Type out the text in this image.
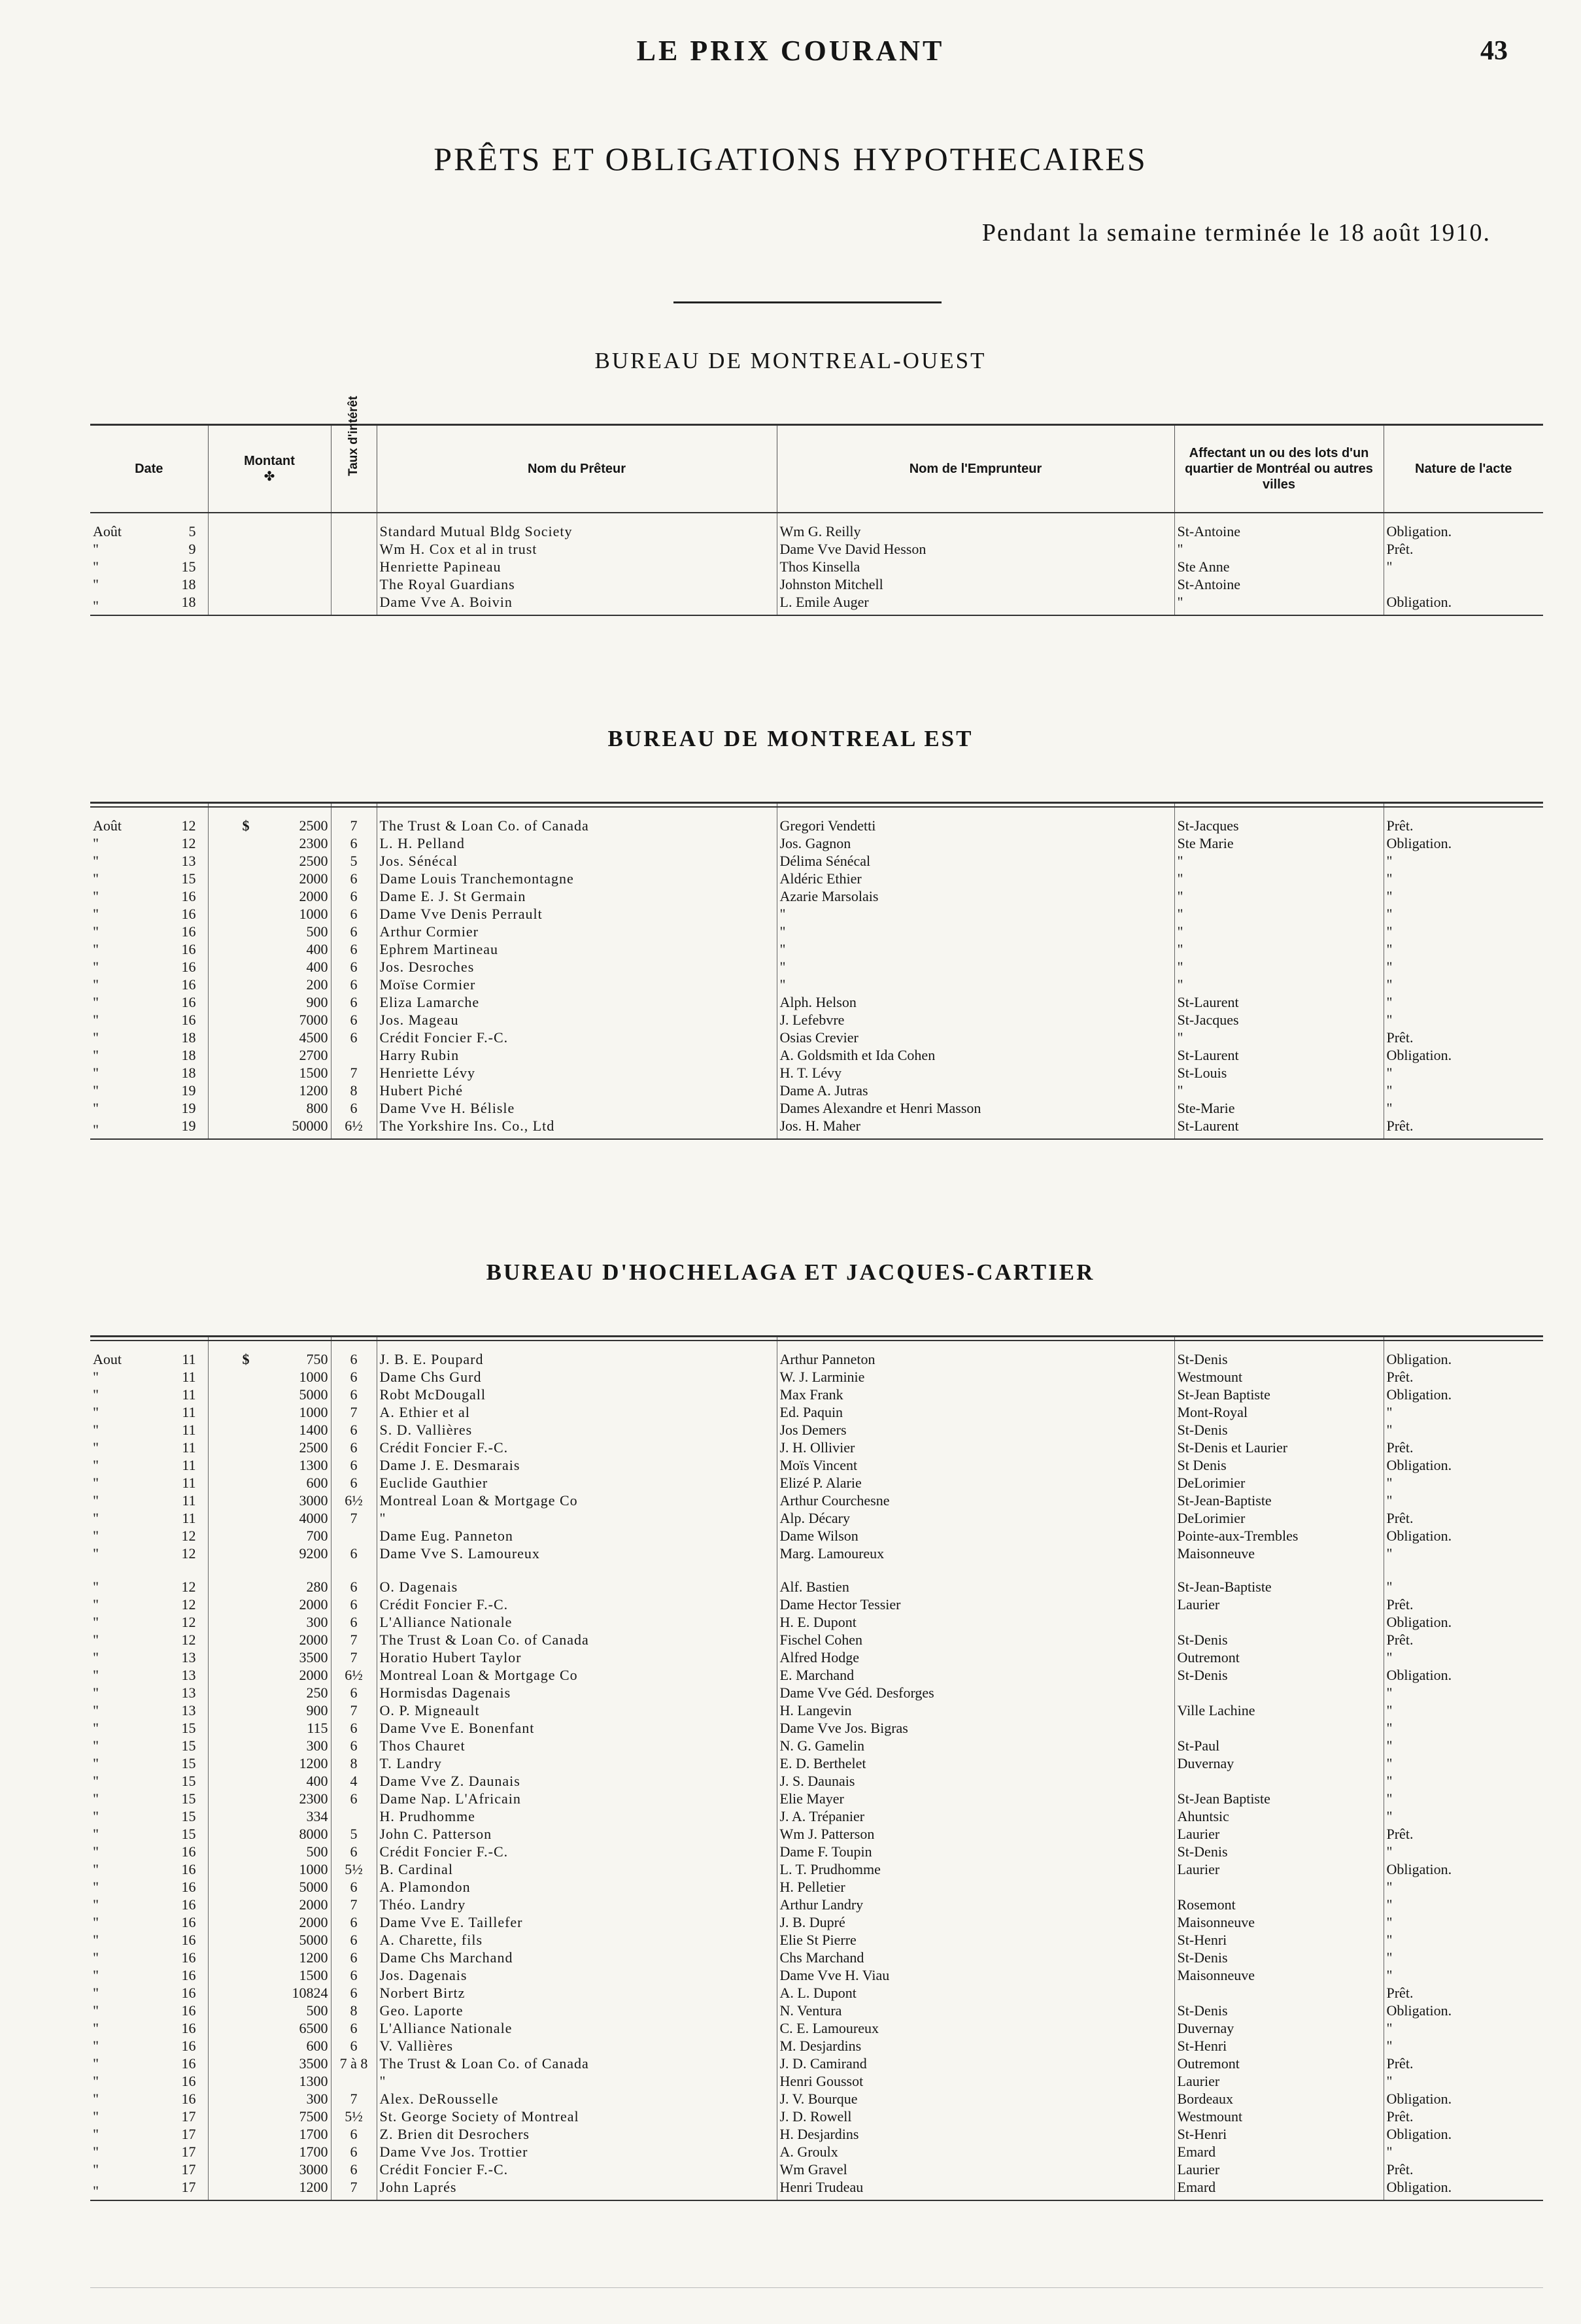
LE PRIX COURANT	43
PRÊTS ET OBLIGATIONS HYPOTHECAIRES
Pendant la semaine terminée le 18 août 1910.
BUREAU DE MONTREAL-OUEST
Date	Montant
✤	Taux d'intérêt	Nom du Prêteur	Nom de l'Emprunteur	Affectant un ou des lots d'un quartier de Montréal ou autres villes	Nature de l'acte

Août 5			Standard Mutual Bldg Society	Wm G. Reilly	St-Antoine	Obligation.

" 9			Wm H. Cox et al in trust	Dame Vve David Hesson	"	Prêt.

" 15			Henriette Papineau	Thos Kinsella	Ste Anne	"

" 18			The Royal Guardians	Johnston Mitchell	St-Antoine	

" 18			Dame Vve A. Boivin	L. Emile Auger	"	Obligation.
BUREAU DE MONTREAL EST

Août 12	$ 2500	7	The Trust & Loan Co. of Canada	Gregori Vendetti	St-Jacques	Prêt.

" 12	2300	6	L. H. Pelland	Jos. Gagnon	Ste Marie	Obligation.

" 13	2500	5	Jos. Sénécal	Délima Sénécal	"	"

" 15	2000	6	Dame Louis Tranchemontagne	Aldéric Ethier	"	"

" 16	2000	6	Dame E. J. St Germain	Azarie Marsolais	"	"

" 16	1000	6	Dame Vve Denis Perrault	"	"	"

" 16	500	6	Arthur Cormier	"	"	"

" 16	400	6	Ephrem Martineau	"	"	"

" 16	400	6	Jos. Desroches	"	"	"

" 16	200	6	Moïse Cormier	"	"	"

" 16	900	6	Eliza Lamarche	Alph. Helson	St-Laurent	"

" 16	7000	6	Jos. Mageau	J. Lefebvre	St-Jacques	"

" 18	4500	6	Crédit Foncier F.-C.	Osias Crevier	"	Prêt.

" 18	2700		Harry Rubin	A. Goldsmith et Ida Cohen	St-Laurent	Obligation.

" 18	1500	7	Henriette Lévy	H. T. Lévy	St-Louis	"

" 19	1200	8	Hubert Piché	Dame A. Jutras	"	"

" 19	800	6	Dame Vve H. Bélisle	Dames Alexandre et Henri Masson	Ste-Marie	"

" 19	50000	6½	The Yorkshire Ins. Co., Ltd	Jos. H. Maher	St-Laurent	Prêt.
BUREAU D'HOCHELAGA ET JACQUES-CARTIER

Aout 11	$ 750	6	J. B. E. Poupard	Arthur Panneton	St-Denis	Obligation.

" 11	1000	6	Dame Chs Gurd	W. J. Larminie	Westmount	Prêt.

" 11	5000	6	Robt McDougall	Max Frank	St-Jean Baptiste	Obligation.

" 11	1000	7	A. Ethier et al	Ed. Paquin	Mont-Royal	"

" 11	1400	6	S. D. Vallières	Jos Demers	St-Denis	"

" 11	2500	6	Crédit Foncier F.-C.	J. H. Ollivier	St-Denis et Laurier	Prêt.

" 11	1300	6	Dame J. E. Desmarais	Moïs Vincent	St Denis	Obligation.

" 11	600	6	Euclide Gauthier	Elizé P. Alarie	DeLorimier	"

" 11	3000	6½	Montreal Loan & Mortgage Co	Arthur Courchesne	St-Jean-Baptiste	"

" 11	4000	7	"	Alp. Décary	DeLorimier	Prêt.

" 12	700		Dame Eug. Panneton	Dame Wilson	Pointe-aux-Trembles	Obligation.

" 12	9200	6	Dame Vve S. Lamoureux	Marg. Lamoureux	Maisonneuve	"

" 12	280	6	O. Dagenais	Alf. Bastien	St-Jean-Baptiste	"

" 12	2000	6	Crédit Foncier F.-C.	Dame Hector Tessier	Laurier	Prêt.

" 12	300	6	L'Alliance Nationale	H. E. Dupont		Obligation.

" 12	2000	7	The Trust & Loan Co. of Canada	Fischel Cohen	St-Denis	Prêt.

" 13	3500	7	Horatio Hubert Taylor	Alfred Hodge	Outremont	"

" 13	2000	6½	Montreal Loan & Mortgage Co	E. Marchand	St-Denis	Obligation.

" 13	250	6	Hormisdas Dagenais	Dame Vve Géd. Desforges		"

" 13	900	7	O. P. Migneault	H. Langevin	Ville Lachine	"

" 15	115	6	Dame Vve E. Bonenfant	Dame Vve Jos. Bigras		"

" 15	300	6	Thos Chauret	N. G. Gamelin	St-Paul	"

" 15	1200	8	T. Landry	E. D. Berthelet	Duvernay	"

" 15	400	4	Dame Vve Z. Daunais	J. S. Daunais		"

" 15	2300	6	Dame Nap. L'Africain	Elie Mayer	St-Jean Baptiste	"

" 15	334		H. Prudhomme	J. A. Trépanier	Ahuntsic	"

" 15	8000	5	John C. Patterson	Wm J. Patterson	Laurier	Prêt.

" 16	500	6	Crédit Foncier F.-C.	Dame F. Toupin	St-Denis	"

" 16	1000	5½	B. Cardinal	L. T. Prudhomme	Laurier	Obligation.

" 16	5000	6	A. Plamondon	H. Pelletier		"

" 16	2000	7	Théo. Landry	Arthur Landry	Rosemont	"

" 16	2000	6	Dame Vve E. Taillefer	J. B. Dupré	Maisonneuve	"

" 16	5000	6	A. Charette, fils	Elie St Pierre	St-Henri	"

" 16	1200	6	Dame Chs Marchand	Chs Marchand	St-Denis	"

" 16	1500	6	Jos. Dagenais	Dame Vve H. Viau	Maisonneuve	"

" 16	10824	6	Norbert Birtz	A. L. Dupont		Prêt.

" 16	500	8	Geo. Laporte	N. Ventura	St-Denis	Obligation.

" 16	6500	6	L'Alliance Nationale	C. E. Lamoureux	Duvernay	"

" 16	600	6	V. Vallières	M. Desjardins	St-Henri	"

" 16	3500	7 à 8	The Trust & Loan Co. of Canada	J. D. Camirand	Outremont	Prêt.

" 16	1300		"	Henri Goussot	Laurier	"

" 16	300	7	Alex. DeRousselle	J. V. Bourque	Bordeaux	Obligation.

" 17	7500	5½	St. George Society of Montreal	J. D. Rowell	Westmount	Prêt.

" 17	1700	6	Z. Brien dit Desrochers	H. Desjardins	St-Henri	Obligation.

" 17	1700	6	Dame Vve Jos. Trottier	A. Groulx	Emard	"

" 17	3000	6	Crédit Foncier F.-C.	Wm Gravel	Laurier	Prêt.

" 17	1200	7	John Laprés	Henri Trudeau	Emard	Obligation.
